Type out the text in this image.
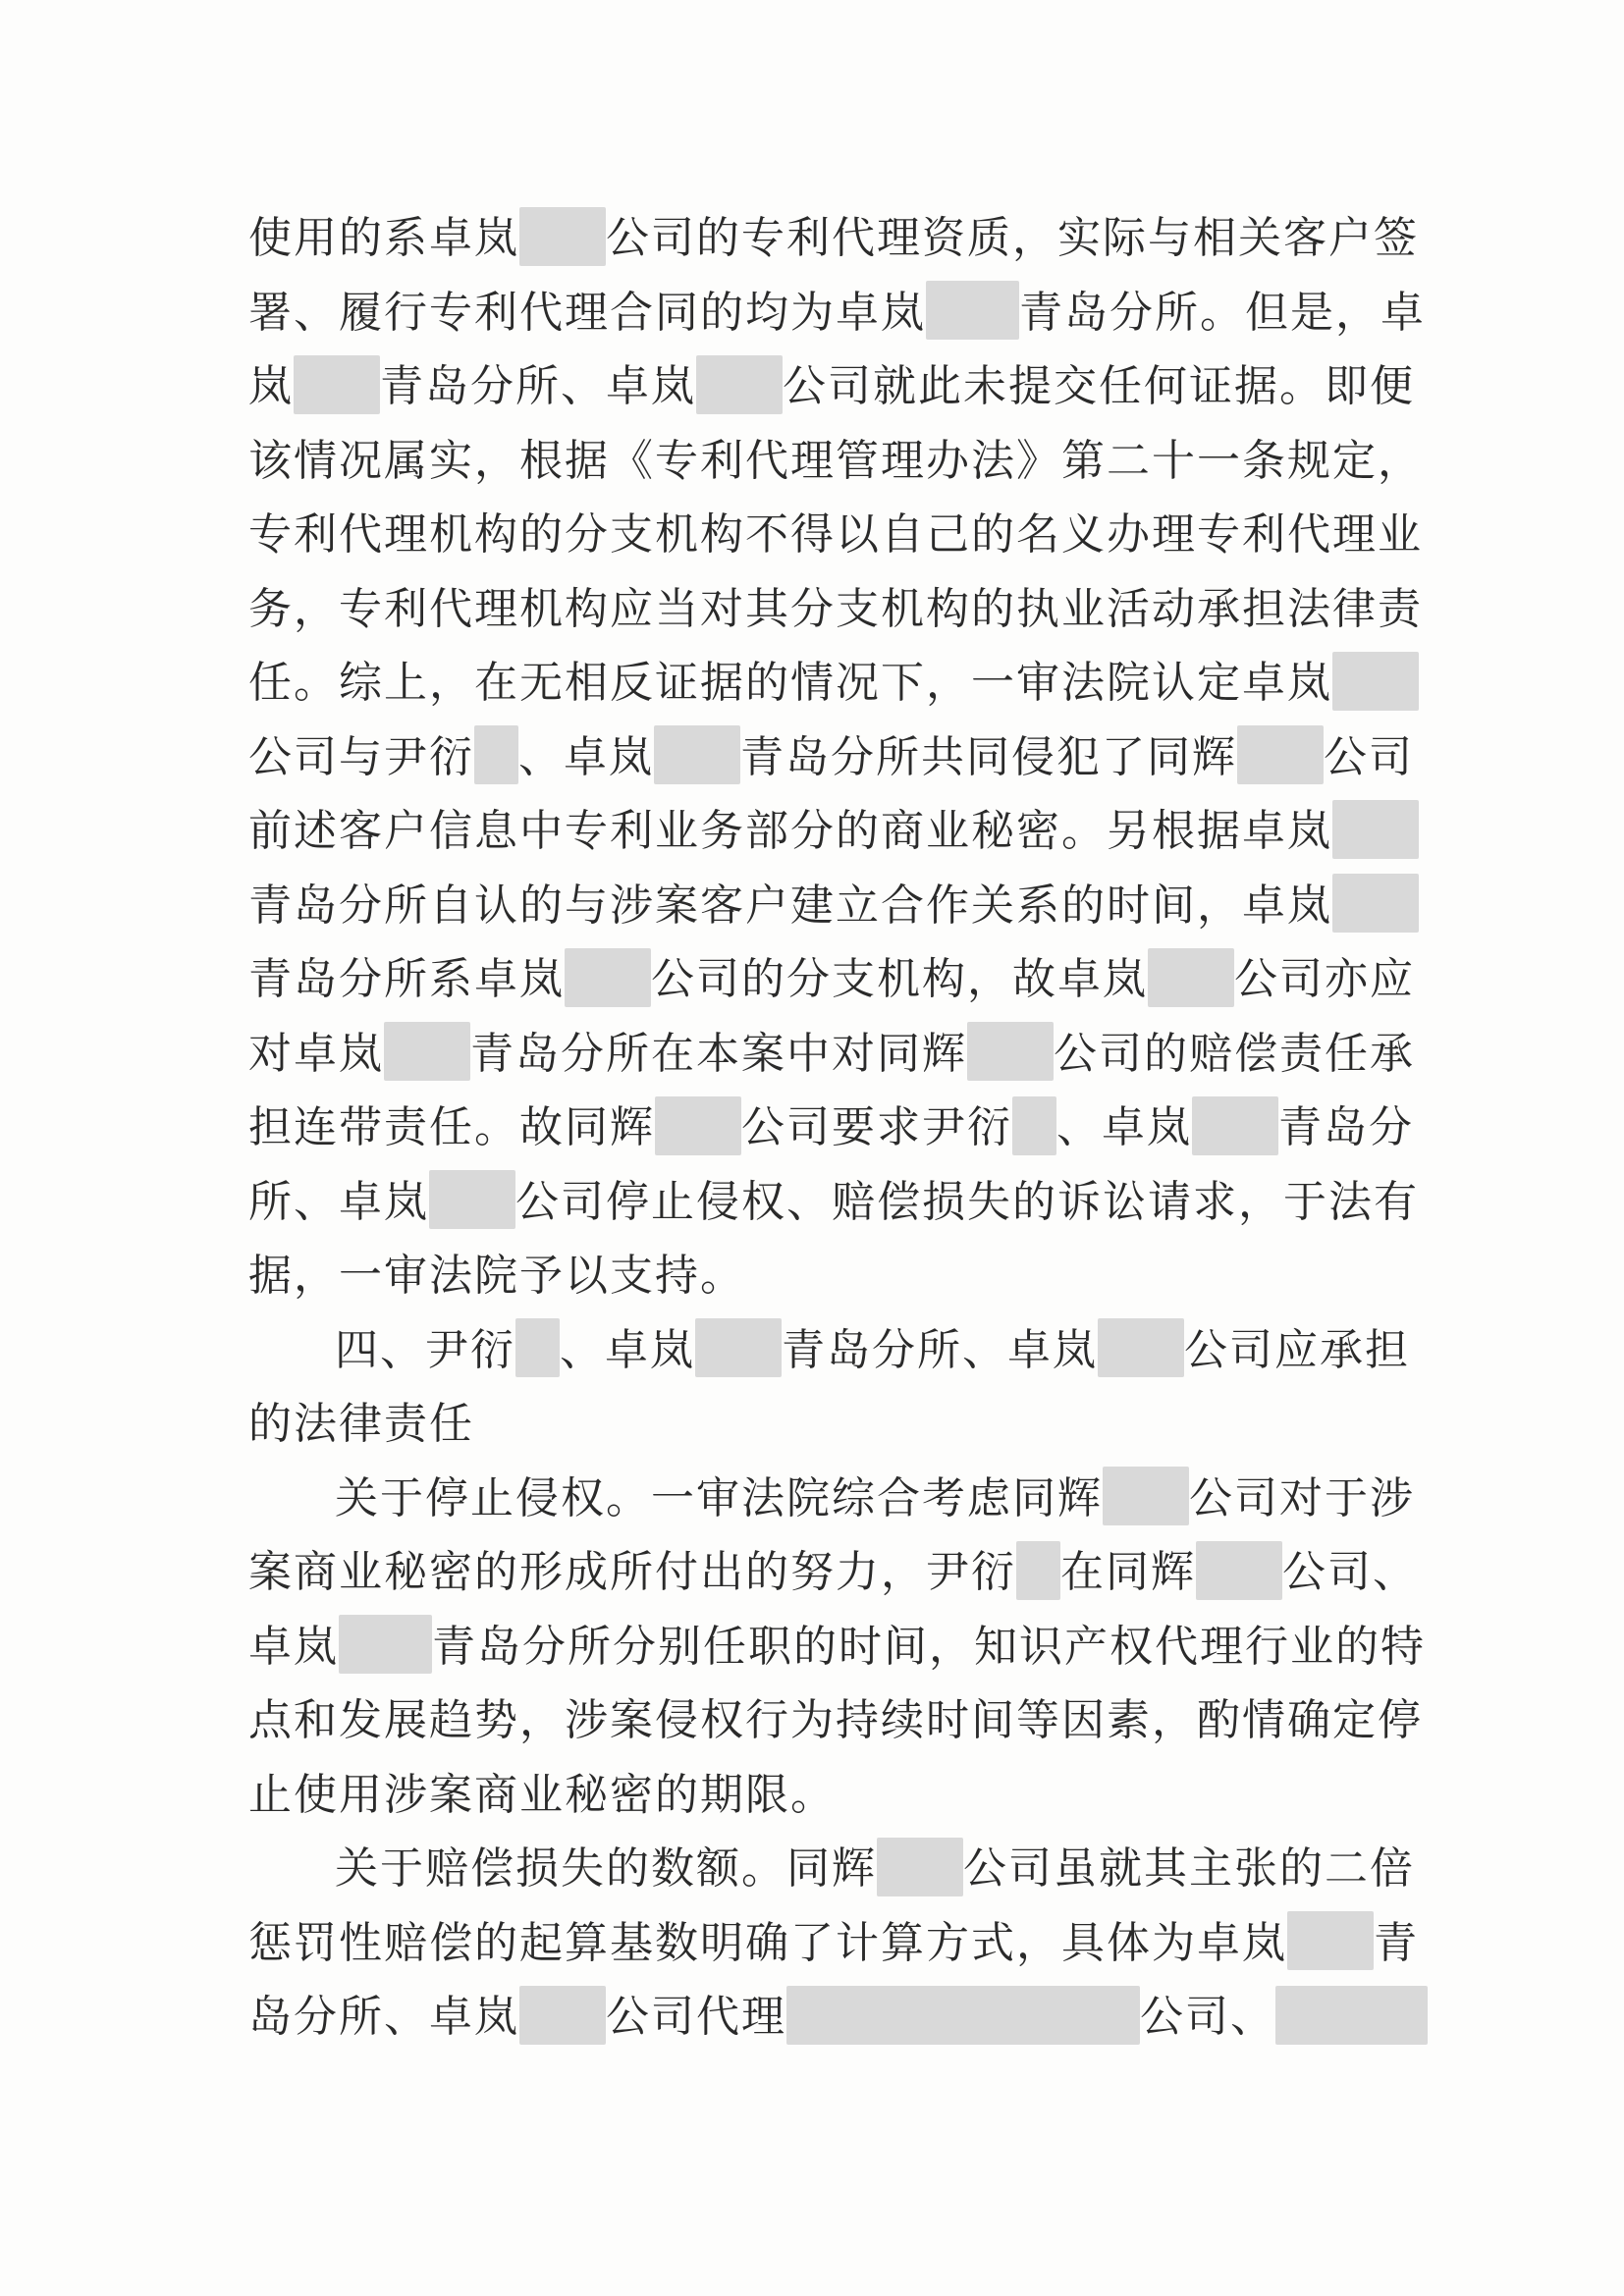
使用的系卓岚 公司的专利代理资质，实际与相关客户签
署、履行专利代理合同的均为卓岚 青岛分所。但是，卓
岚 青岛分所、卓岚 公司就此未提交任何证据。即便
该情况属实，根据《专利代理管理办法》第二十一条规定，
专利代理机构的分支机构不得以自己的名义办理专利代理业
务，专利代理机构应当对其分支机构的执业活动承担法律责
任。综上，在无相反证据的情况下，一审法院认定卓岚
公司与尹衍 、卓岚 青岛分所共同侵犯了同辉 公司
前述客户信息中专利业务部分的商业秘密。另根据卓岚
青岛分所自认的与涉案客户建立合作关系的时间，卓岚
青岛分所系卓岚 公司的分支机构，故卓岚 公司亦应
对卓岚 青岛分所在本案中对同辉 公司的赔偿责任承
担连带责任。故同辉 公司要求尹衍 、卓岚 青岛分
所、卓岚 公司停止侵权、赔偿损失的诉讼请求，于法有
据，一审法院予以支持。
四、尹衍 、卓岚 青岛分所、卓岚 公司应承担
的法律责任
关于停止侵权。一审法院综合考虑同辉 公司对于涉
案商业秘密的形成所付出的努力，尹衍 在同辉 公司、
卓岚 青岛分所分别任职的时间，知识产权代理行业的特
点和发展趋势，涉案侵权行为持续时间等因素，酌情确定停
止使用涉案商业秘密的期限。
关于赔偿损失的数额。同辉 公司虽就其主张的二倍
惩罚性赔偿的起算基数明确了计算方式，具体为卓岚 青
岛分所、卓岚 公司代理	公司、
